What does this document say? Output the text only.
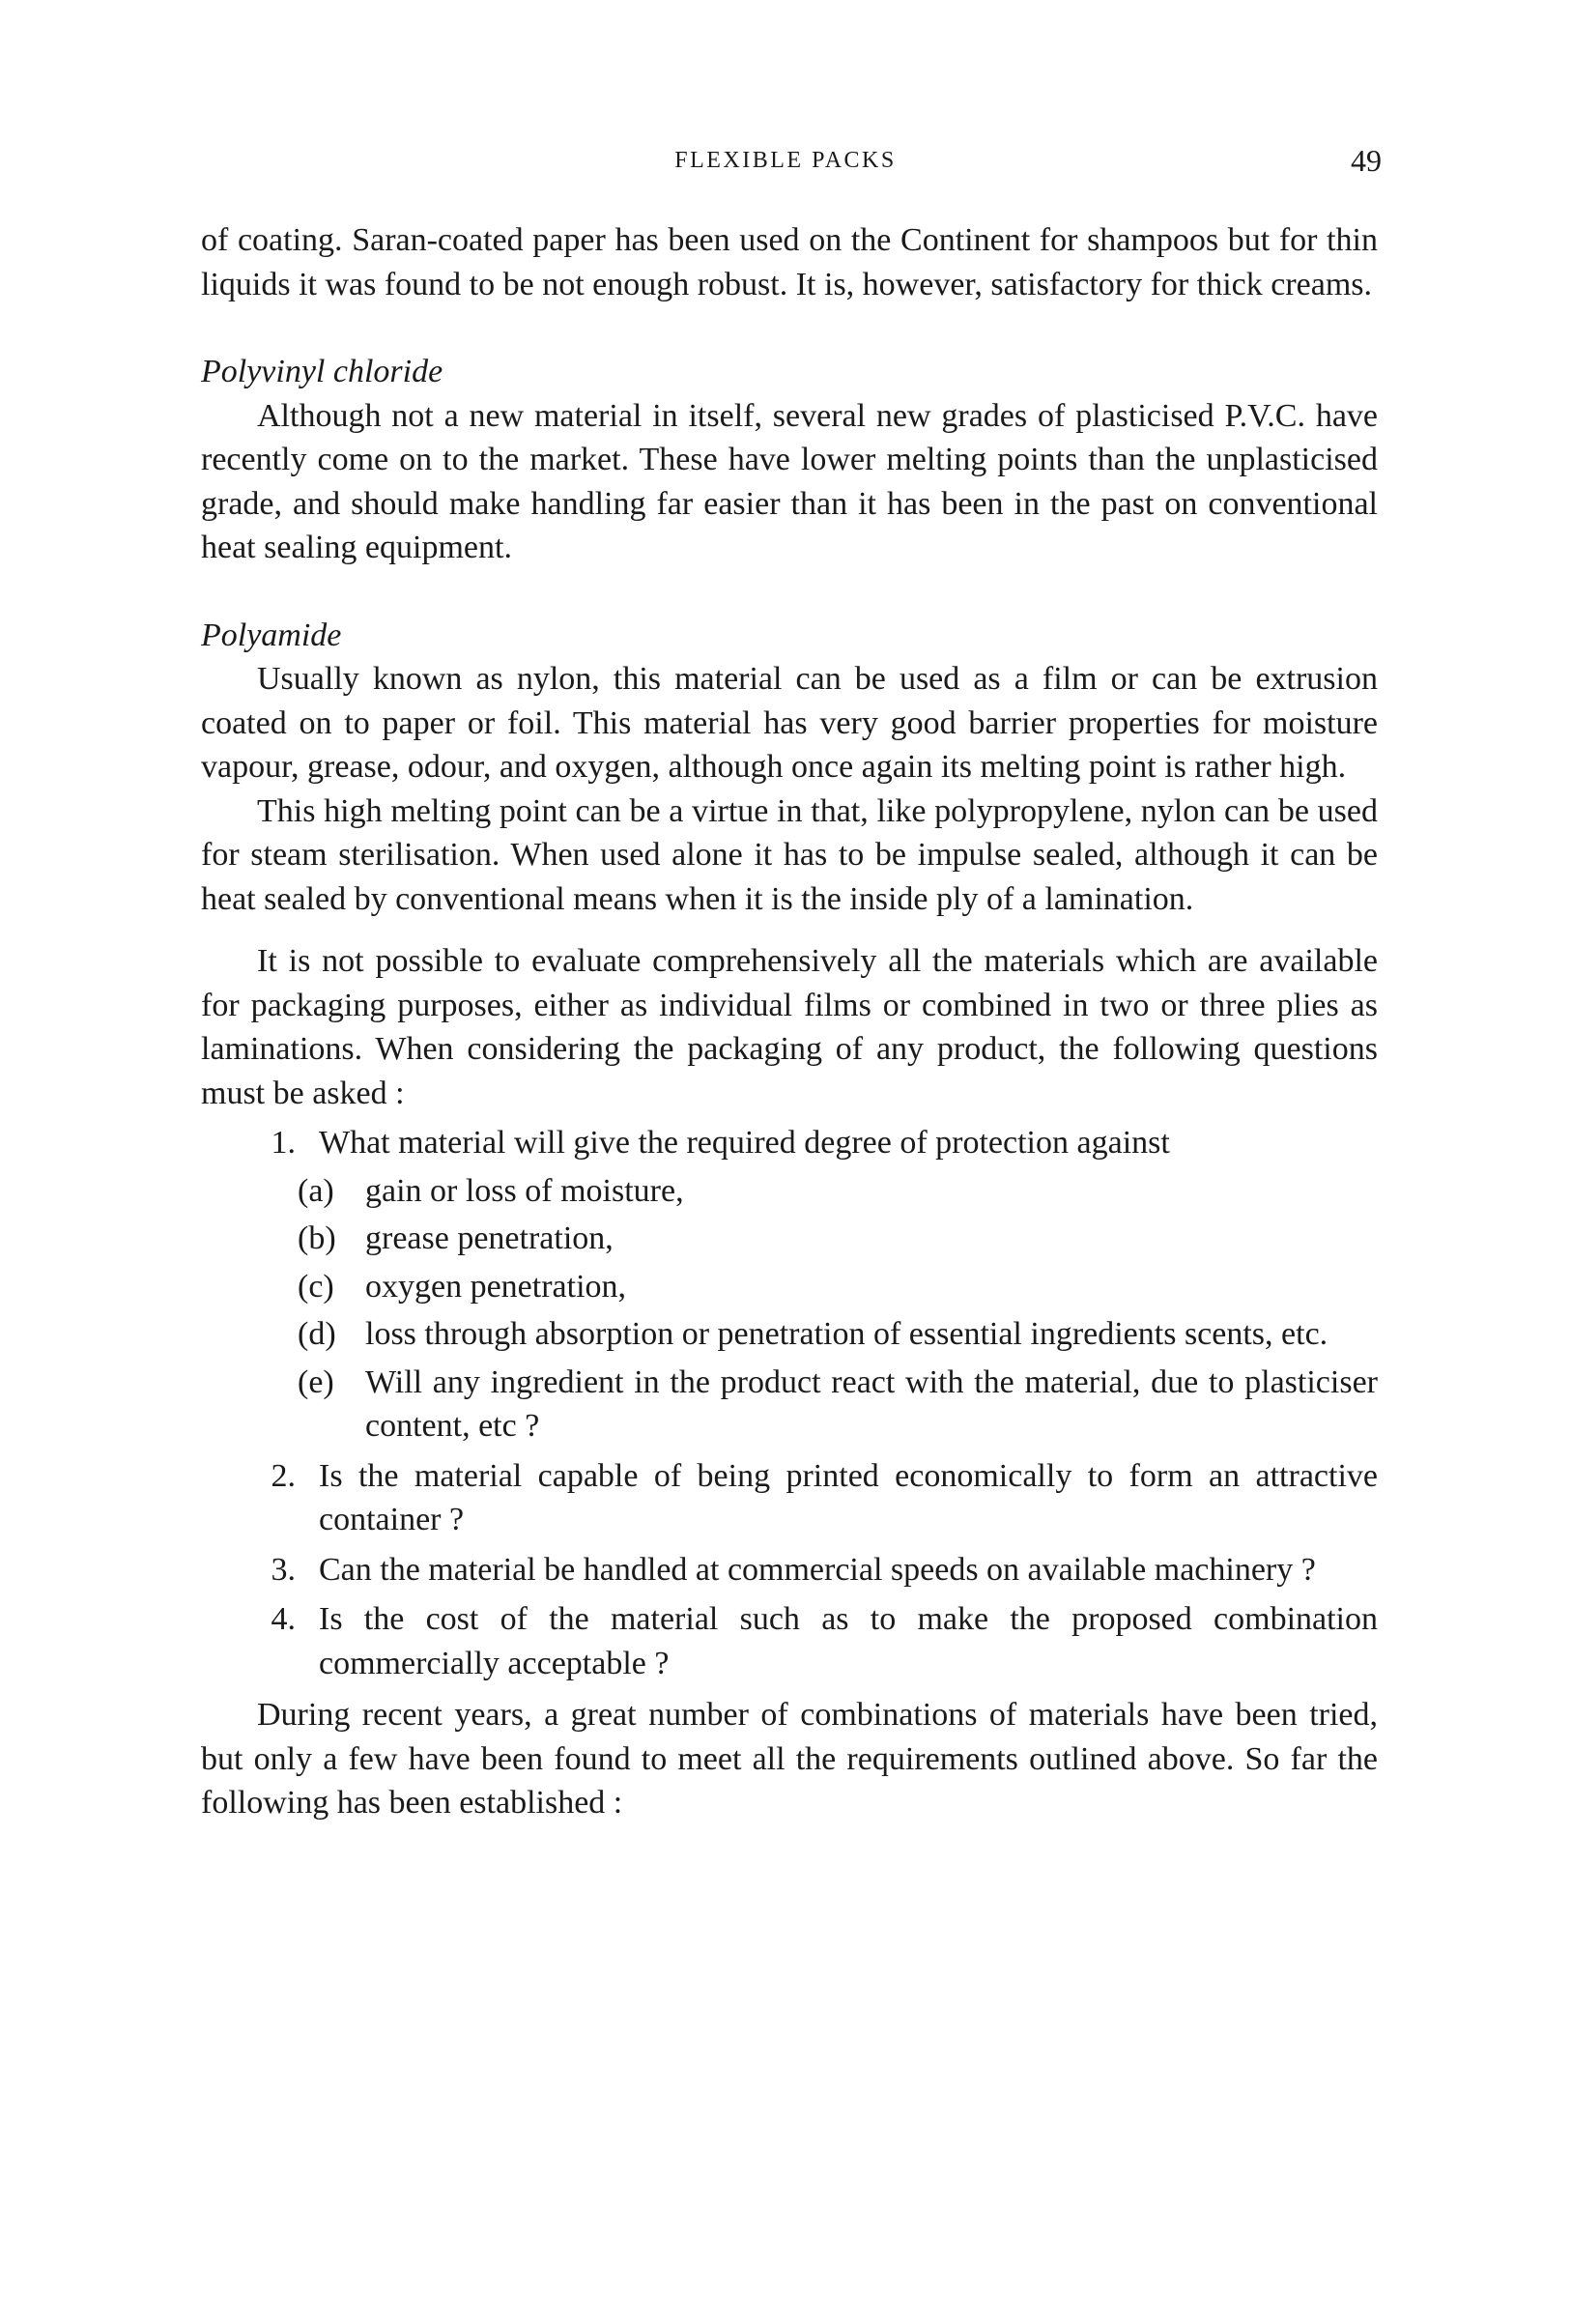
FLEXIBLE PACKS	49

of coating. Saran-coated paper has been used on the Continent for shampoos but for thin liquids it was found to be not enough robust. It is, however, satisfactory for thick creams.

Polyvinyl chloride

Although not a new material in itself, several new grades of plasticised P.V.C. have recently come on to the market. These have lower melting points than the unplasticised grade, and should make handling far easier than it has been in the past on conventional heat sealing equipment.

Polyamide

Usually known as nylon, this material can be used as a film or can be extrusion coated on to paper or foil. This material has very good barrier properties for moisture vapour, grease, odour, and oxygen, although once again its melting point is rather high.

This high melting point can be a virtue in that, like polypropylene, nylon can be used for steam sterilisation. When used alone it has to be impulse sealed, although it can be heat sealed by conventional means when it is the inside ply of a lamination.

It is not possible to evaluate comprehensively all the materials which are available for packaging purposes, either as individual films or combined in two or three plies as laminations. When considering the packaging of any product, the following questions must be asked :

1. What material will give the required degree of protection against
(a) gain or loss of moisture,
(b) grease penetration,
(c) oxygen penetration,
(d) loss through absorption or penetration of essential ingredients scents, etc.
(e) Will any ingredient in the product react with the material, due to plasticiser content, etc ?
2. Is the material capable of being printed economically to form an attractive container ?
3. Can the material be handled at commercial speeds on available machinery ?
4. Is the cost of the material such as to make the proposed combination commercially acceptable ?

During recent years, a great number of combinations of materials have been tried, but only a few have been found to meet all the requirements outlined above. So far the following has been established :
